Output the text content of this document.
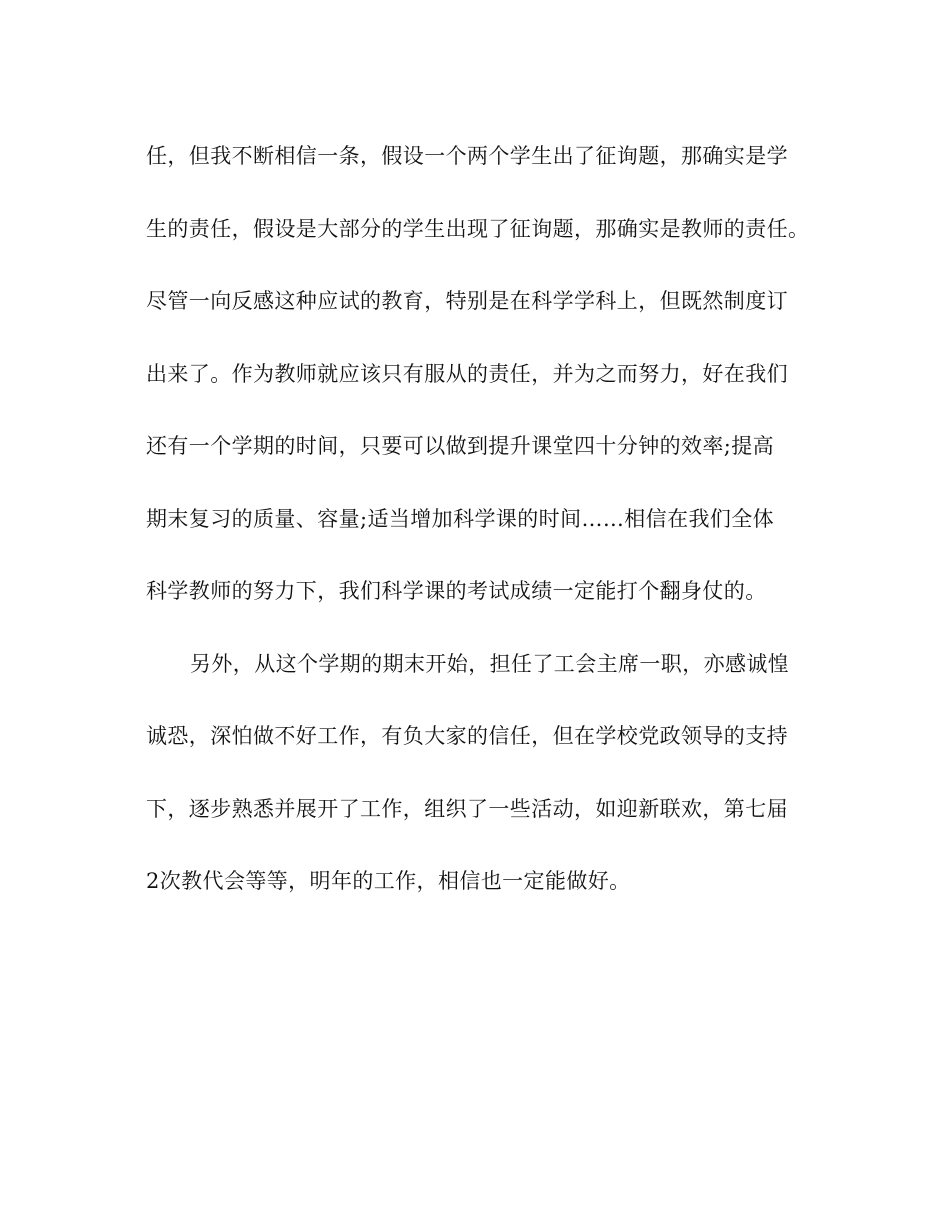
任，但我不断相信一条，假设一个两个学生出了征询题，那确实是学
生的责任，假设是大部分的学生出现了征询题，那确实是教师的责任。
尽管一向反感这种应试的教育，特别是在科学学科上，但既然制度订
出来了。作为教师就应该只有服从的责任，并为之而努力，好在我们
还有一个学期的时间，只要可以做到提升课堂四十分钟的效率;提高
期末复习的质量、容量;适当增加科学课的时间……相信在我们全体
科学教师的努力下，我们科学课的考试成绩一定能打个翻身仗的。
另外，从这个学期的期末开始，担任了工会主席一职，亦感诚惶
诚恐，深怕做不好工作，有负大家的信任，但在学校党政领导的支持
下，逐步熟悉并展开了工作，组织了一些活动，如迎新联欢，第七届
2次教代会等等，明年的工作，相信也一定能做好。
